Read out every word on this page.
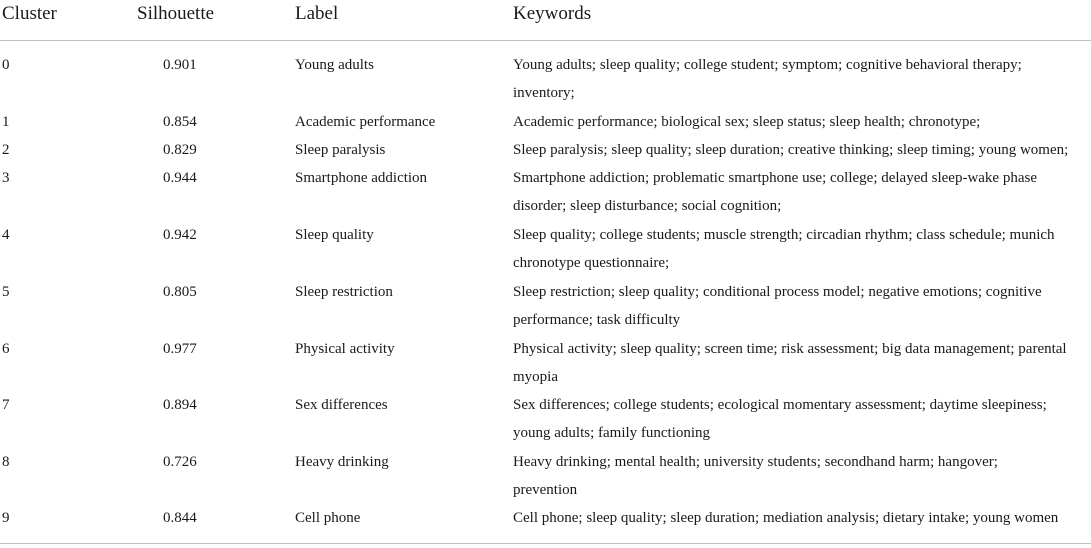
Cluster	Silhouette	Label	Keywords
0	0.901	Young adults	Young adults; sleep quality; college student; symptom; cognitive behavioral therapy;
inventory;
1	0.854	Academic performance	Academic performance; biological sex; sleep status; sleep health; chronotype;
2	0.829	Sleep paralysis	Sleep paralysis; sleep quality; sleep duration; creative thinking; sleep timing; young women;
3	0.944	Smartphone addiction	Smartphone addiction; problematic smartphone use; college; delayed sleep-wake phase
disorder; sleep disturbance; social cognition;
4	0.942	Sleep quality	Sleep quality; college students; muscle strength; circadian rhythm; class schedule; munich
chronotype questionnaire;
5	0.805	Sleep restriction	Sleep restriction; sleep quality; conditional process model; negative emotions; cognitive
performance; task difficulty
6	0.977	Physical activity	Physical activity; sleep quality; screen time; risk assessment; big data management; parental
myopia
7	0.894	Sex differences	Sex differences; college students; ecological momentary assessment; daytime sleepiness;
young adults; family functioning
8	0.726	Heavy drinking	Heavy drinking; mental health; university students; secondhand harm; hangover;
prevention
9	0.844	Cell phone	Cell phone; sleep quality; sleep duration; mediation analysis; dietary intake; young women
